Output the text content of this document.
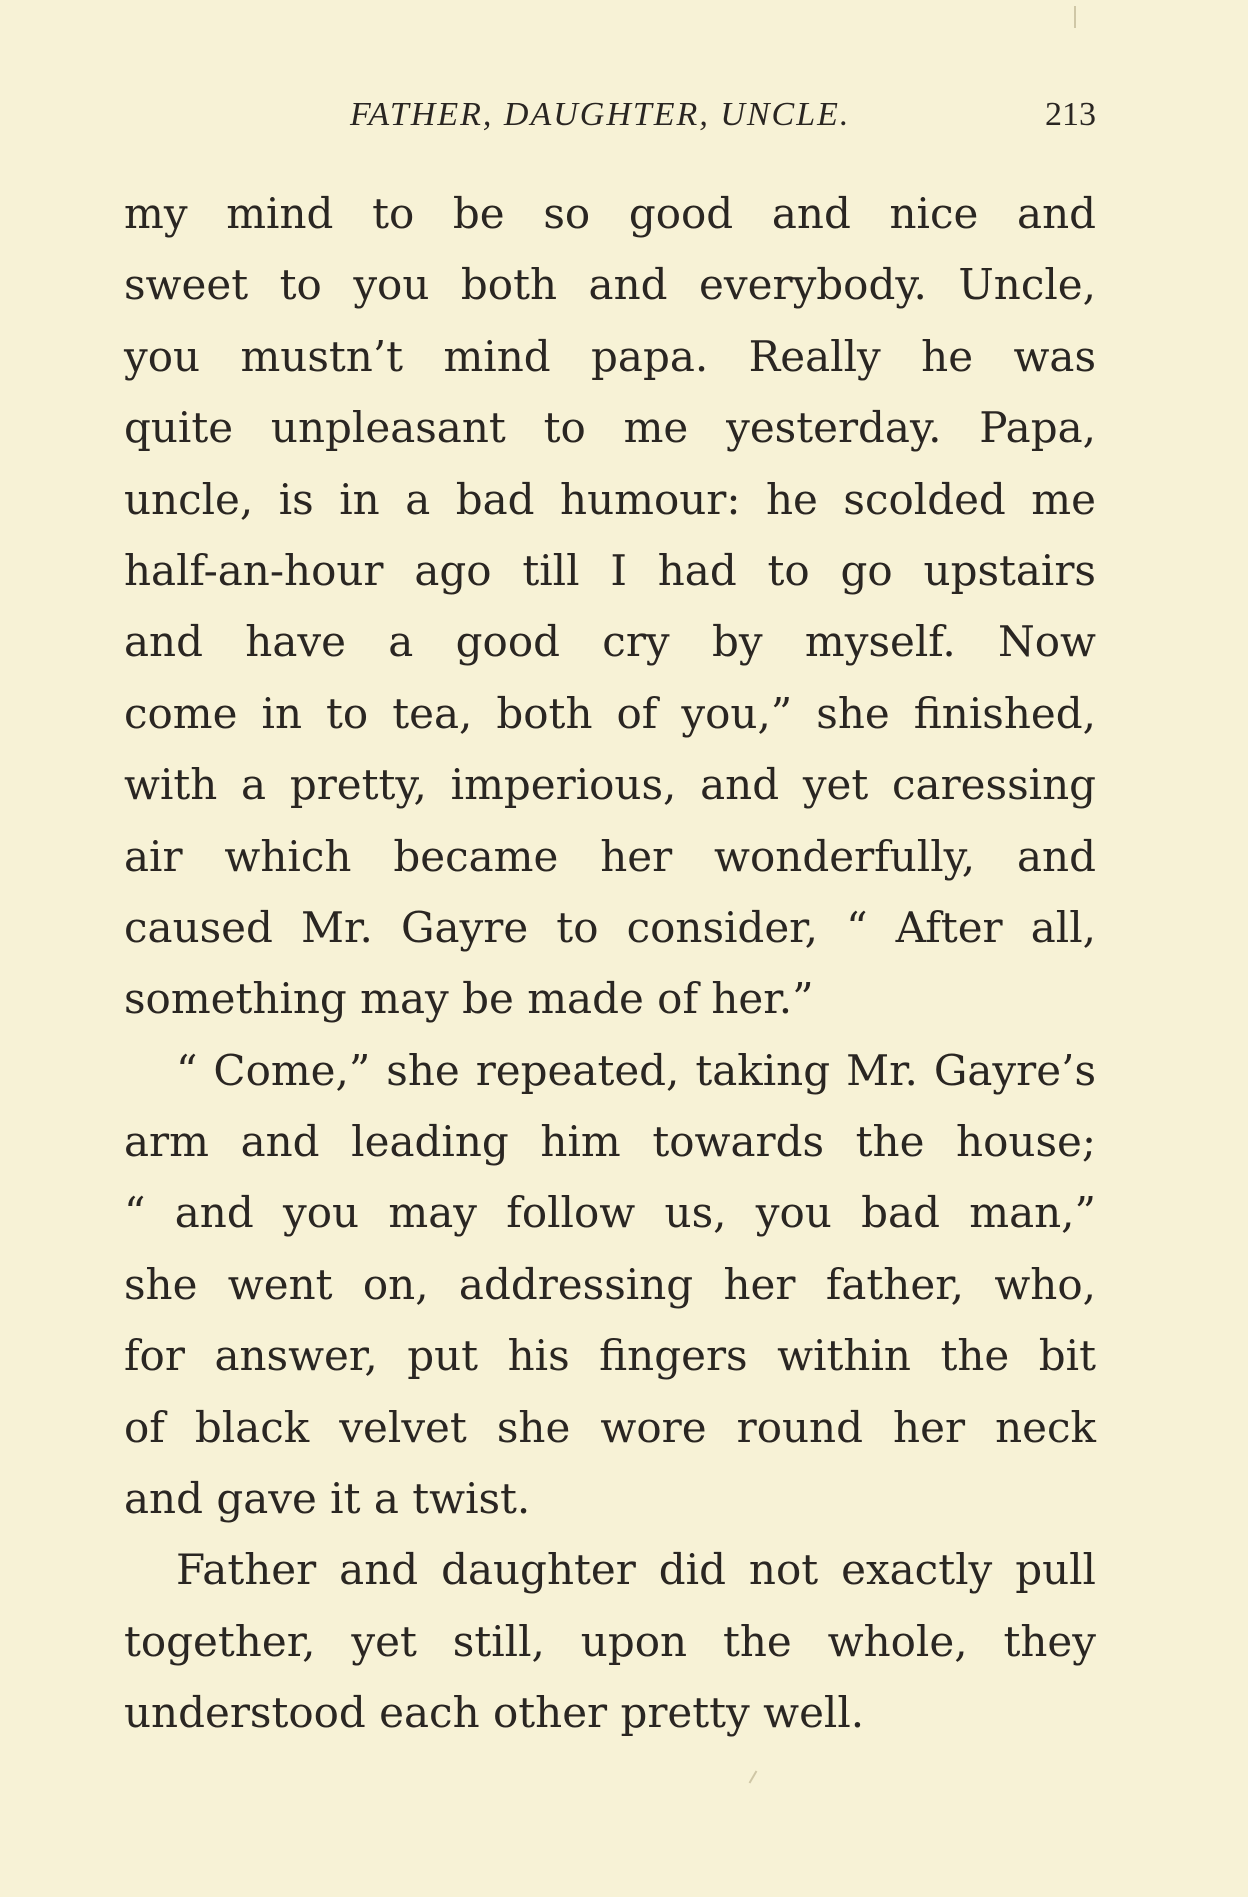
FATHER, DAUGHTER, UNCLE.	213
my mind to be so good and nice and
sweet to you both and everybody. Uncle,
you mustn’t mind papa. Really he was
quite unpleasant to me yesterday. Papa,
uncle, is in a bad humour: he scolded me
half-an-hour ago till I had to go upstairs
and have a good cry by myself. Now
come in to tea, both of you,” she finished,
with a pretty, imperious, and yet caressing
air which became her wonderfully, and
caused Mr. Gayre to consider, “ After all,
something may be made of her.”
“ Come,” she repeated, taking Mr. Gayre’s
arm and leading him towards the house;
“ and you may follow us, you bad man,”
she went on, addressing her father, who,
for answer, put his fingers within the bit
of black velvet she wore round her neck
and gave it a twist.
Father and daughter did not exactly pull
together, yet still, upon the whole, they
understood each other pretty well.
